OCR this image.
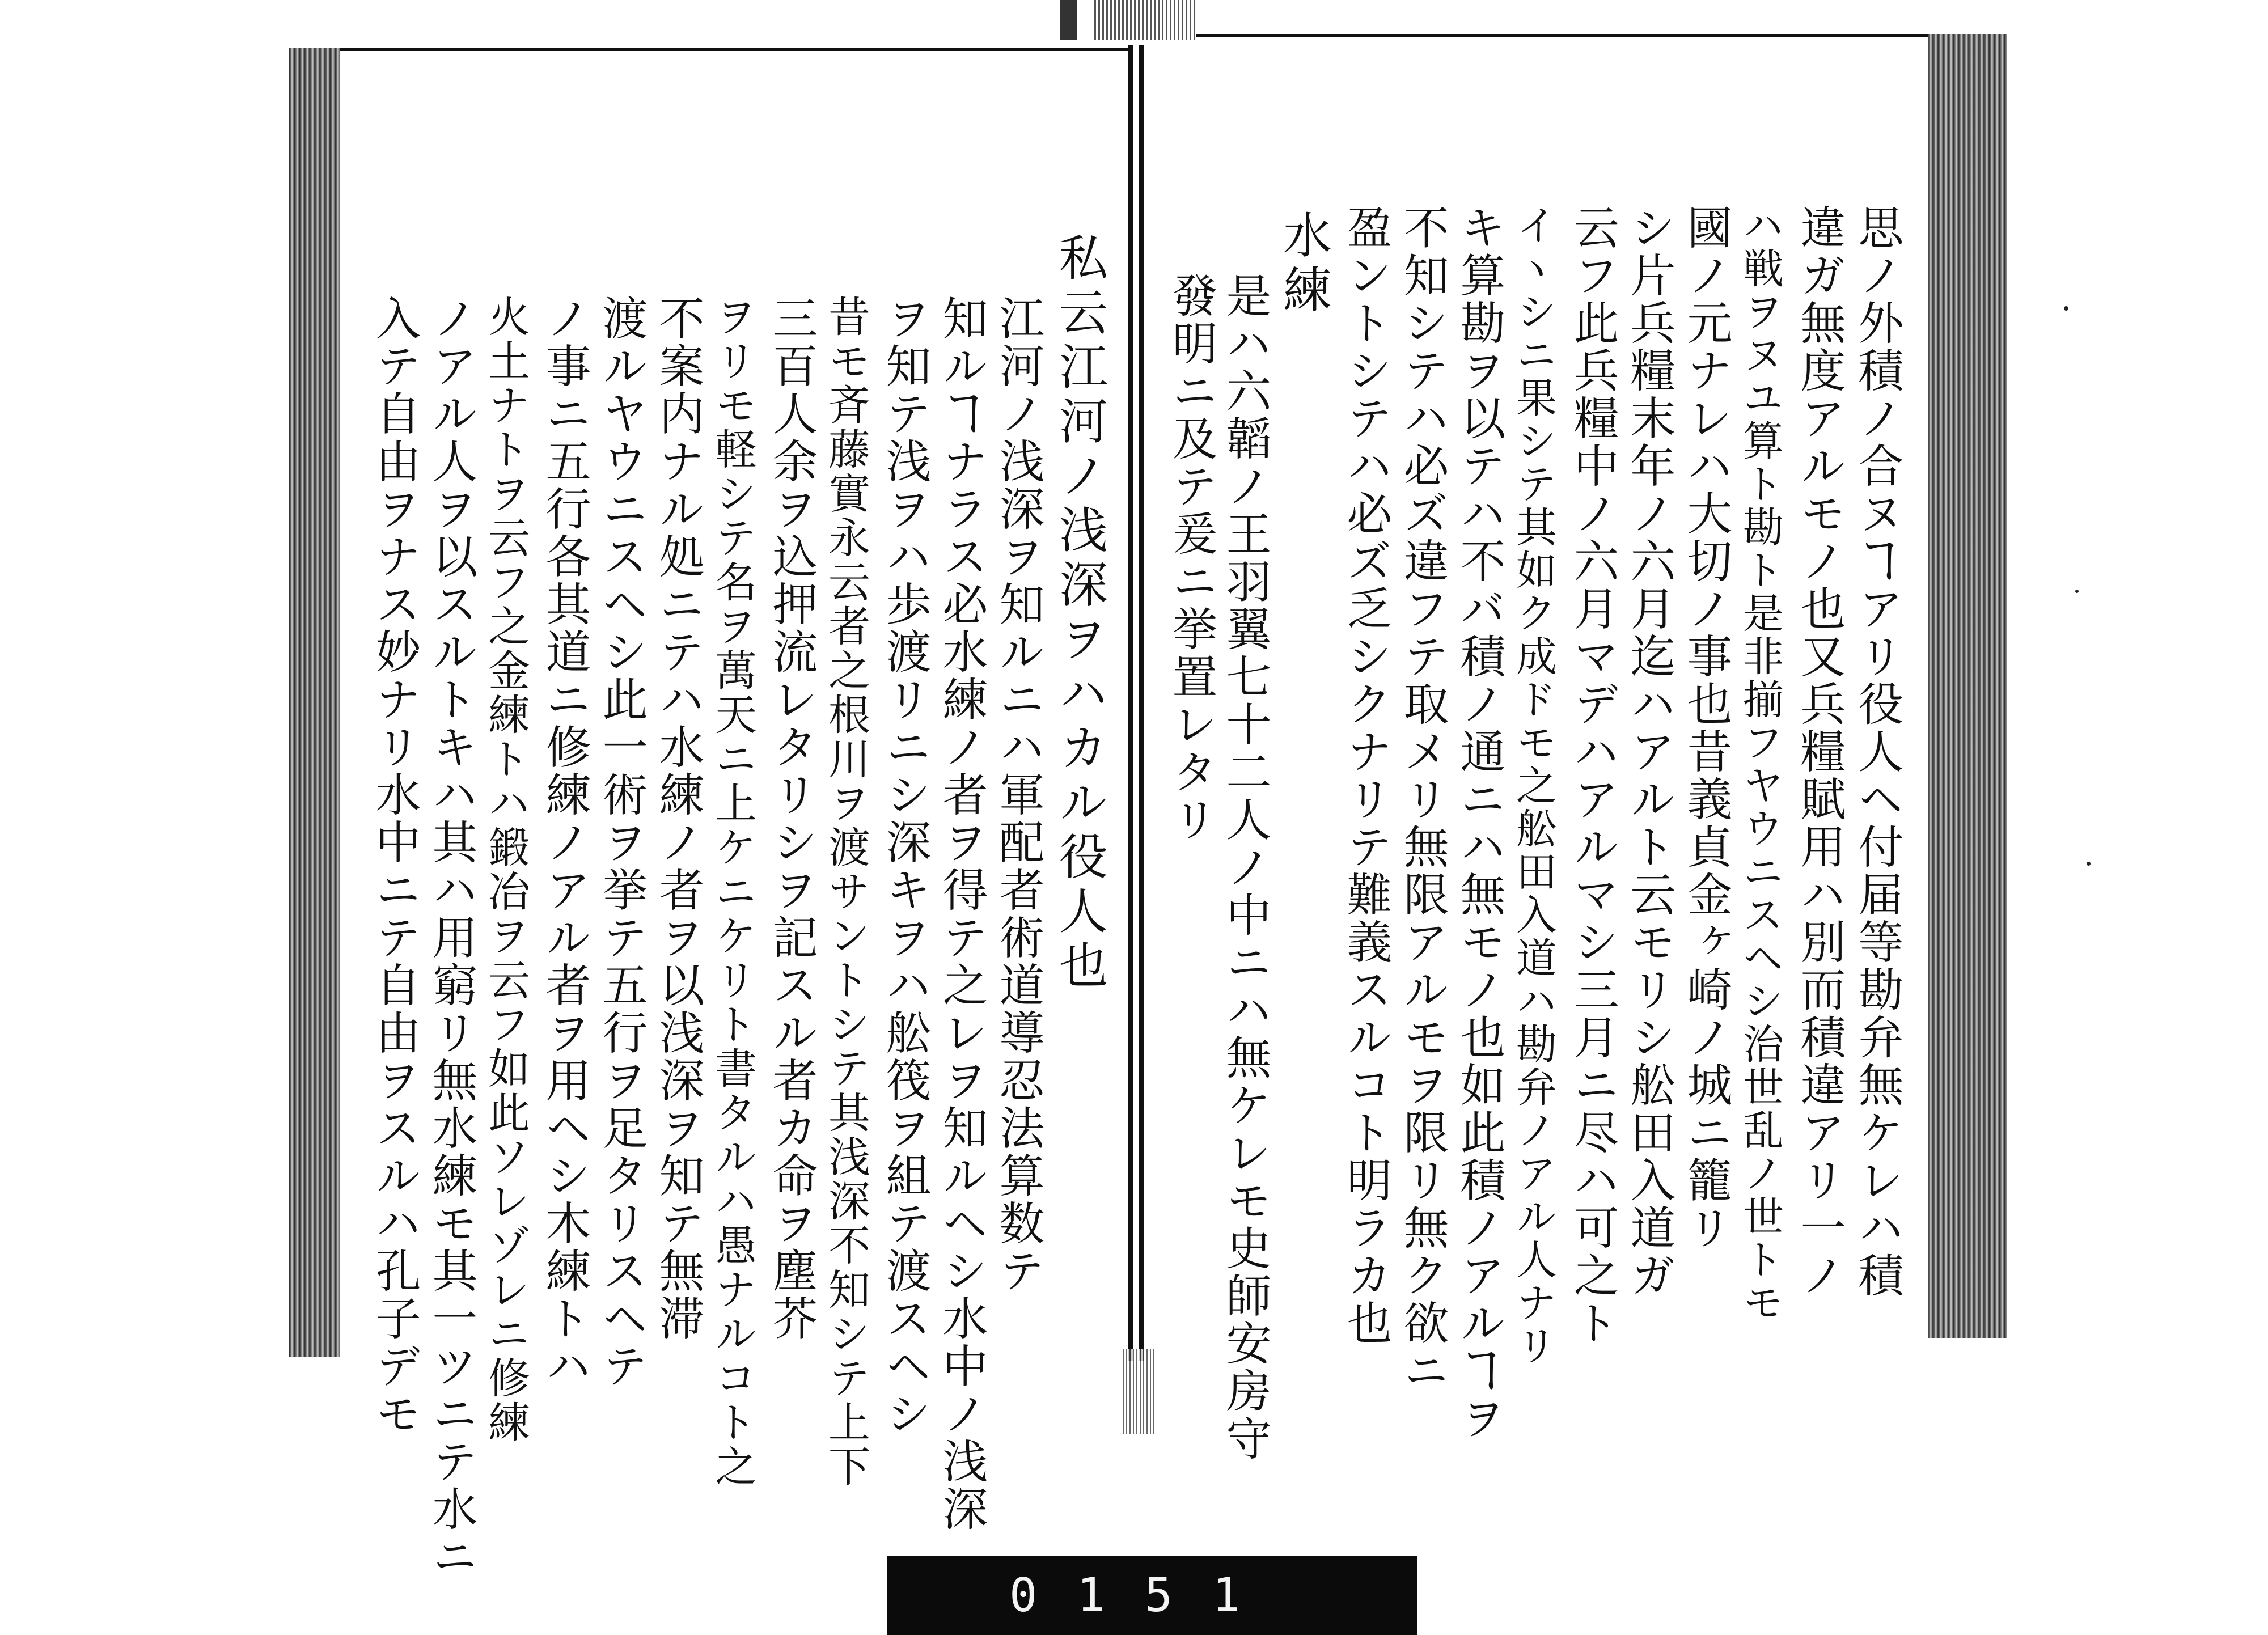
思ノ外積ノ合ヌヿアリ役人ヘ付届等勘弁無ケレハ積
違ガ無度アルモノ也又兵糧賦用ハ別而積違アリ一ノ
ハ戦ヲヌユ算ト勘ト是非揃フヤウニスヘシ治世乱ノ世トモ
國ノ元ナレハ大切ノ事也昔義貞金ヶ崎ノ城ニ籠リ
シ片兵糧末年ノ六月迄ハアルト云モリシ舩田入道ガ
云フ此兵糧中ノ六月マデハアルマシ三月ニ尽ハ可之ト
イヽシニ果シテ其如ク成ドモ之舩田入道ハ勘弁ノアル人ナリ
キ算勘ヲ以テハ不バ積ノ通ニハ無モノ也如此積ノアルヿヲ
不知シテハ必ズ違フテ取メリ無限アルモヲ限リ無ク欲ニ
盈ントシテハ必ズ乏シクナリテ難義スルコト明ラカ也
水練
是ハ六韜ノ王羽翼七十二人ノ中ニハ無ケレモ史師安房守
發明ニ及テ爰ニ挙置レタリ
私云江河ノ浅深ヲハカル役人也
江河ノ浅深ヲ知ルニハ軍配者術道導忍法算数テ
知ルヿナラス必水練ノ者ヲ得テ之レヲ知ルヘシ水中ノ浅深
ヲ知テ浅ヲハ歩渡リニシ深キヲハ舩筏ヲ組テ渡スヘシ
昔モ斉藤實永云者之根川ヲ渡サントシテ其浅深不知シテ上下
三百人余ヲ込押流レタリシヲ記スル者カ命ヲ塵芥
ヲリモ軽シテ名ヲ萬天ニ上ケニケリト書タルハ愚ナルコト之
不案内ナル処ニテハ水練ノ者ヲ以浅深ヲ知テ無滞
渡ルヤウニスヘシ此一術ヲ挙テ五行ヲ足タリスヘテ
ノ事ニ五行各其道ニ修練ノアル者ヲ用ヘシ木練トハ
火土ナトヲ云フ之金練トハ鍛冶ヲ云フ如此ソレゾレニ修練
ノアル人ヲ以スルトキハ其ハ用窮リ無水練モ其一ツニテ水ニ
入テ自由ヲナス妙ナリ水中ニテ自由ヲスルハ孔子デモ
0151
